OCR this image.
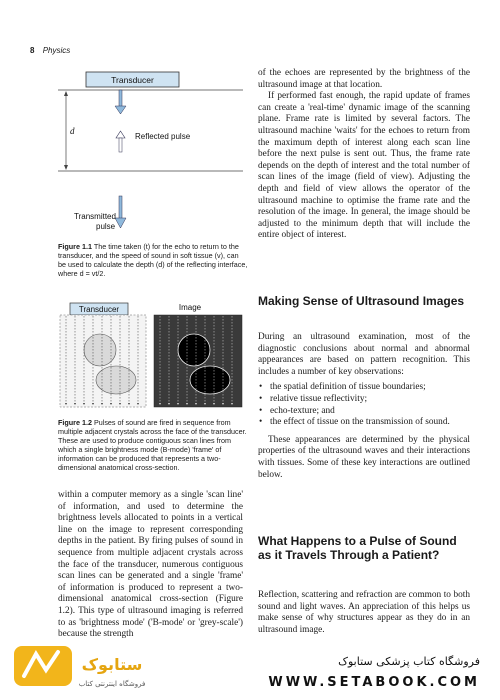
8 Physics
Transducer
d
Reflected pulse
Transmitted
pulse
Figure 1.1 The time taken (t) for the echo to return to the transducer, and the speed of sound in soft tissue (v), can be used to calculate the depth (d) of the reflecting interface, where d = vt/2.
Transducer	Image
Figure 1.2 Pulses of sound are fired in sequence from multiple adjacent crystals across the face of the transducer. These are used to produce contiguous scan lines from which a single brightness mode (B-mode) 'frame' of information can be produced that represents a two-dimensional anatomical cross-section.

within a computer memory as a single 'scan line' of information, and used to determine the brightness levels allocated to points in a vertical line on the image to represent corresponding depths in the patient. By firing pulses of sound in sequence from multiple adjacent crystals across the face of the transducer, numerous contiguous scan lines can be generated and a single 'frame' of information is produced to represent a two-dimensional anatomical cross-section (Figure 1.2). This type of ultrasound imaging is referred to as 'brightness mode' ('B-mode' or 'grey-scale') because the strength

of the echoes are represented by the brightness of the ultrasound image at that location.

If performed fast enough, the rapid update of frames can create a 'real-time' dynamic image of the scanning plane. Frame rate is limited by several factors. The ultrasound machine 'waits' for the echoes to return from the maximum depth of interest along each scan line before the next pulse is sent out. Thus, the frame rate depends on the depth of interest and the total number of scan lines of the image (field of view). Adjusting the depth and field of view allows the operator of the ultrasound machine to optimise the frame rate and the resolution of the image. In general, the image should be adjusted to the minimum depth that will include the entire object of interest.

Making Sense of Ultrasound Images

During an ultrasound examination, most of the diagnostic conclusions about normal and abnormal appearances are based on pattern recognition. This includes a number of key observations:

• the spatial definition of tissue boundaries;
• relative tissue reflectivity;
• echo-texture; and
• the effect of tissue on the transmission of sound.

These appearances are determined by the physical properties of the ultrasound waves and their interactions with tissues. Some of these key interactions are outlined below.

What Happens to a Pulse of Sound as it Travels Through a Patient?

Reflection, scattering and refraction are common to both sound and light waves. An appreciation of this helps us make sense of why structures appear as they do in an ultrasound image.

ستابوک
فروشگاه اینترنتی کتاب
فروشگاه کتاب پزشکی ستابوک
WWW.SETABOOK.COM
